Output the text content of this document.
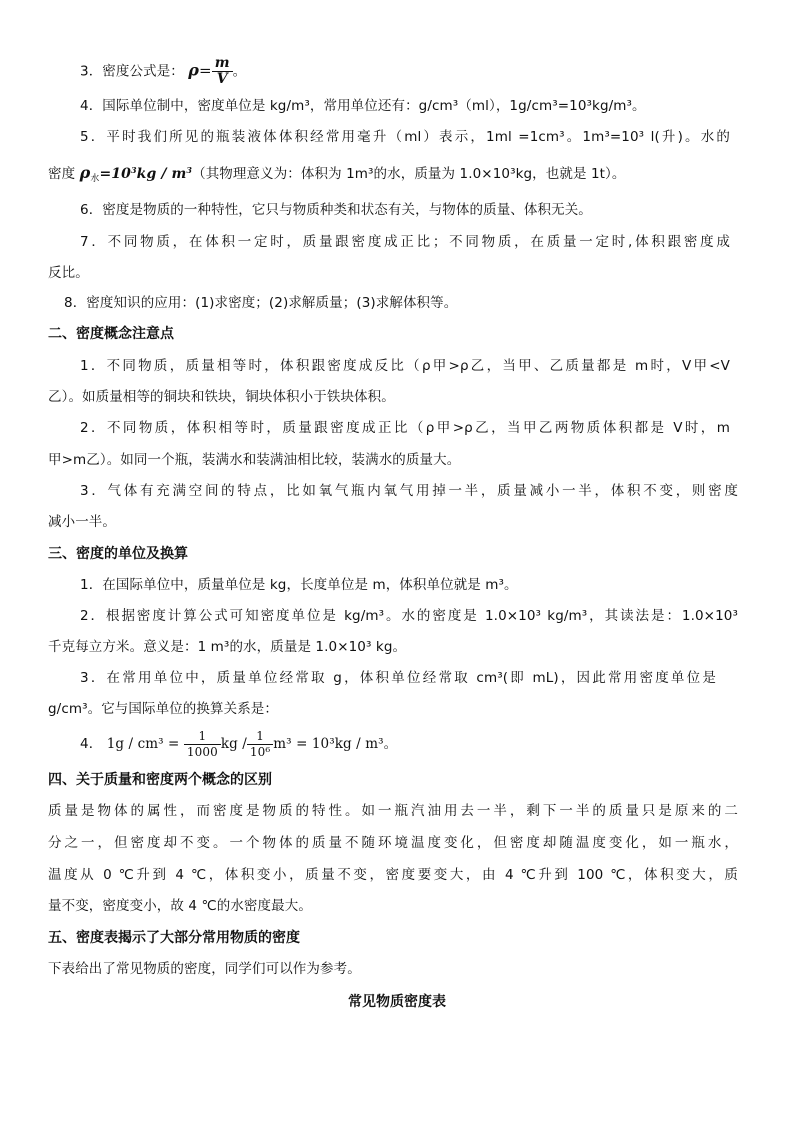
3．密度公式是： $\rho= \frac{m}{V}$ 。
4．国际单位制中，密度单位是 kg/m³，常用单位还有：g/cm³（ml），1g/cm³=10³kg/m³。
5．平时我们所见的瓶装液体体积经常用毫升（ml）表示，1ml =1cm³。1m³=10³ l(升)。水的
密度 $\rho_水=10^3kg / m^3$（其物理意义为：体积为 1m³的水，质量为 1.0×10³kg，也就是 1t）。
6．密度是物质的一种特性，它只与物质种类和状态有关，与物体的质量、体积无关。
7．不同物质，在体积一定时，质量跟密度成正比；不同物质，在质量一定时,体积跟密度成
反比。
8．密度知识的应用：(1)求密度；(2)求解质量；(3)求解体积等。
二、密度概念注意点
1．不同物质，质量相等时，体积跟密度成反比（ρ甲>ρ乙，当甲、乙质量都是 m时，V甲<V
乙）。如质量相等的铜块和铁块，铜块体积小于铁块体积。
2．不同物质，体积相等时，质量跟密度成正比（ρ甲>ρ乙，当甲乙两物质体积都是 V时，m
甲>m乙）。如同一个瓶，装满水和装满油相比较，装满水的质量大。
3．气体有充满空间的特点，比如氧气瓶内氧气用掉一半，质量减小一半，体积不变，则密度
减小一半。
三、密度的单位及换算
1．在国际单位中，质量单位是 kg，长度单位是 m，体积单位就是 m³。
2．根据密度计算公式可知密度单位是 kg/m³。水的密度是 1.0×10³ kg/m³，其读法是：1.0×10³
千克每立方米。意义是：1 m³的水，质量是 1.0×10³ kg。
3．在常用单位中，质量单位经常取 g，体积单位经常取 cm³(即 mL)，因此常用密度单位是
g/cm³。它与国际单位的换算关系是：
4． $1g / cm^3 = \frac{1}{1000}$ kg / $\frac{1}{\text{10⁶}} m^3 = 10^3kg / m^3$。
四、关于质量和密度两个概念的区别
质量是物体的属性，而密度是物质的特性。如一瓶汽油用去一半，剩下一半的质量只是原来的二
分之一，但密度却不变。一个物体的质量不随环境温度变化，但密度却随温度变化，如一瓶水，
温度从 0 ℃升到 4 ℃，体积变小，质量不变，密度要变大，由 4 ℃升到 100 ℃，体积变大，质
量不变，密度变小，故 4 ℃的水密度最大。
五、密度表揭示了大部分常用物质的密度
下表给出了常见物质的密度，同学们可以作为参考。
常见物质密度表
